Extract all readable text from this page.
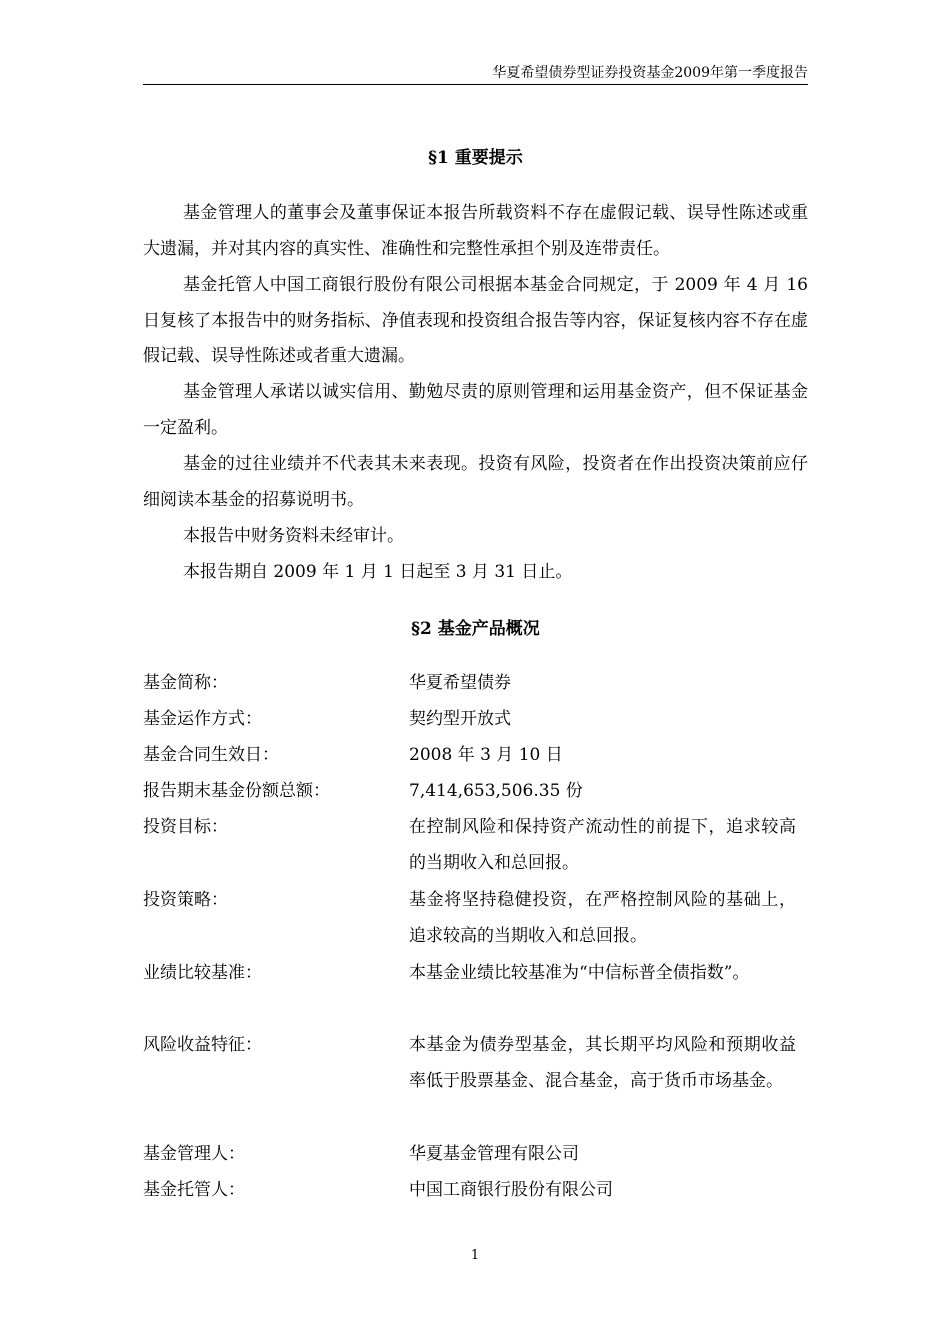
华夏希望债券型证券投资基金2009年第一季度报告
§1 重要提示
基金管理人的董事会及董事保证本报告所载资料不存在虚假记载、误导性陈述或重大遗漏，并对其内容的真实性、准确性和完整性承担个别及连带责任。
基金托管人中国工商银行股份有限公司根据本基金合同规定，于 2009 年 4 月 16 日复核了本报告中的财务指标、净值表现和投资组合报告等内容，保证复核内容不存在虚假记载、误导性陈述或者重大遗漏。
基金管理人承诺以诚实信用、勤勉尽责的原则管理和运用基金资产，但不保证基金一定盈利。
基金的过往业绩并不代表其未来表现。投资有风险，投资者在作出投资决策前应仔细阅读本基金的招募说明书。
本报告中财务资料未经审计。
本报告期自 2009 年 1 月 1 日起至 3 月 31 日止。
§2 基金产品概况
基金简称：	华夏希望债券
基金运作方式：	契约型开放式
基金合同生效日：	2008 年 3 月 10 日
报告期末基金份额总额：	7,414,653,506.35 份
投资目标：	在控制风险和保持资产流动性的前提下，追求较高的当期收入和总回报。
投资策略：	基金将坚持稳健投资，在严格控制风险的基础上，追求较高的当期收入和总回报。
业绩比较基准：	本基金业绩比较基准为“中信标普全债指数”。
风险收益特征：	本基金为债券型基金，其长期平均风险和预期收益率低于股票基金、混合基金，高于货币市场基金。
基金管理人：	华夏基金管理有限公司
基金托管人：	中国工商银行股份有限公司
1
